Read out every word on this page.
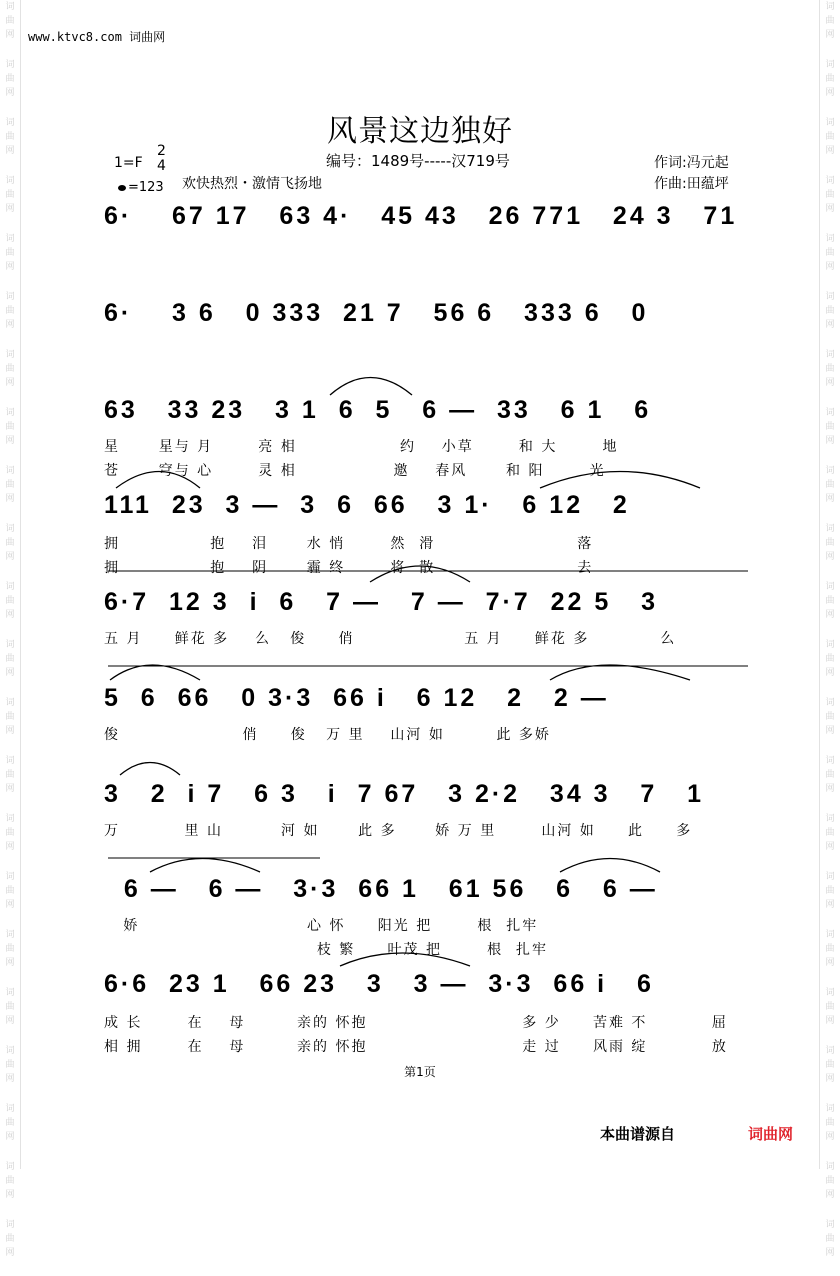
词
曲
网
词
曲
网
词
曲
网
词
曲
网
词
曲
网
词
曲
网
词
曲
网
词
曲
网
词
曲
网
词
曲
网
词
曲
网
词
曲
网
词
曲
网
词
曲
网
词
曲
网
词
曲
网
词
曲
网
词
曲
网
词
曲
网
词
曲
网
词
曲
网
词
曲
网
词
曲
网
词
曲
网
词
曲
网
词
曲
网
词
曲
网
词
曲
网
词
曲
网
词
曲
网
词
曲
网
词
曲
网
词
曲
网
词
曲
网
词
曲
网
词
曲
网
词
曲
网
词
曲
网
词
曲
网
词
曲
网
词
曲
网
词
曲
网
词
曲
网
词
曲
网
www.ktvc8.com 词曲网
风景这边独好
1=F
2
4
=123 欢快热烈・激情飞扬地
编号：1489号-----汉719号	作词:冯元起
作曲:田蕴坪
6·    67 17   63 4·   45 43   26 771   24 3   71
6·    3 6   0 333  21 7   56 6   333 6   0
63   33 23   3 1  6  5   6 —  33   6 1   6
星      星与 月       亮 相                约    小草       和 大       地
苍      穹与 心       灵 相               邀    春风      和 阳       光
111  23  3 —  3  6  66   3 1·   6 12   2
拥              抱    泪      水 悄       然  滑                      落
拥              抱    阴      霾 终       将  散                      去
6·7  12 3  i  6   7 —   7 —  7·7  22 5   3
五 月     鲜花 多    么   俊     俏                 五 月     鲜花 多           么
5  6  66   0 3·3  66 i   6 12   2   2 —
俊                   俏     俊   万 里    山河 如        此 多娇
3   2  i 7   6 3   i  7 67   3 2·2   34 3   7   1
万          里 山         河 如      此 多      娇 万 里       山河 如     此     多
6 —   6 —   3·3  66 1   61 56   6   6 —
娇                          心 怀     阳光 把       根  扎牢
枝 繁     叶茂 把       根  扎牢
6·6  23 1   66 23   3   3 —  3·3  66 i   6
成 长       在    母        亲的 怀抱                        多 少     苦难 不          屈
相 拥       在    母        亲的 怀抱                        走 过     风雨 绽          放
第1页
本曲谱源自	词曲网
